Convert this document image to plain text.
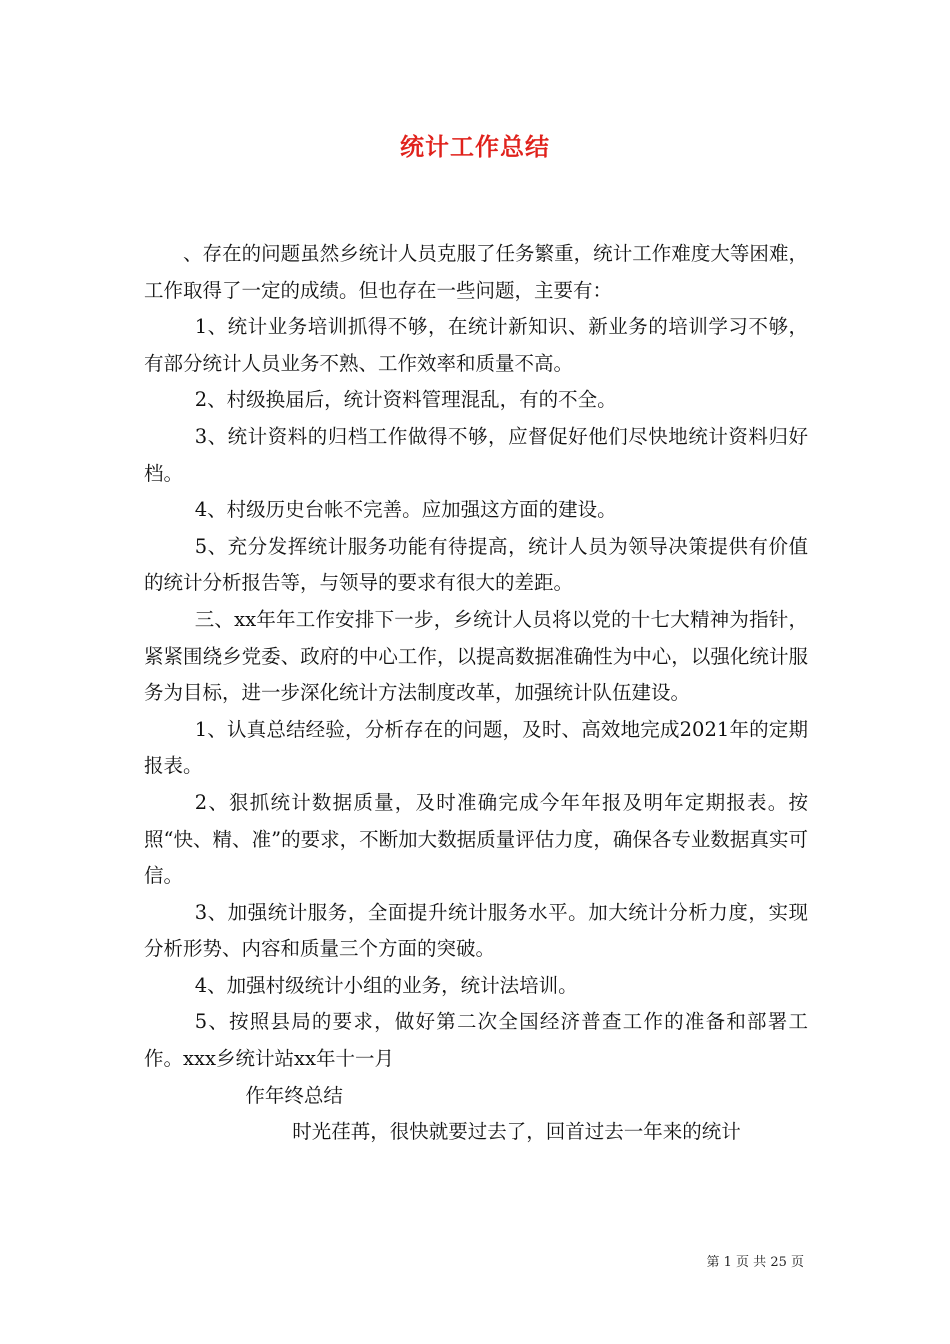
统计工作总结

、存在的问题虽然乡统计人员克服了任务繁重，统计工作难度大等困难，工作取得了一定的成绩。但也存在一些问题，主要有：

1、统计业务培训抓得不够，在统计新知识、新业务的培训学习不够，有部分统计人员业务不熟、工作效率和质量不高。

2、村级换届后，统计资料管理混乱，有的不全。

3、统计资料的归档工作做得不够，应督促好他们尽快地统计资料归好档。

4、村级历史台帐不完善。应加强这方面的建设。

5、充分发挥统计服务功能有待提高，统计人员为领导决策提供有价值的统计分析报告等，与领导的要求有很大的差距。

三、xx年年工作安排下一步，乡统计人员将以党的十七大精神为指针，紧紧围绕乡党委、政府的中心工作，以提高数据准确性为中心，以强化统计服务为目标，进一步深化统计方法制度改革，加强统计队伍建设。

1、认真总结经验，分析存在的问题，及时、高效地完成2021年的定期报表。

2、狠抓统计数据质量，及时准确完成今年年报及明年定期报表。按照“快、精、准”的要求，不断加大数据质量评估力度，确保各专业数据真实可信。

3、加强统计服务，全面提升统计服务水平。加大统计分析力度，实现分析形势、内容和质量三个方面的突破。

4、加强村级统计小组的业务，统计法培训。

5、按照县局的要求，做好第二次全国经济普查工作的准备和部署工作。xxx乡统计站xx年十一月

作年终总结

时光荏苒，很快就要过去了，回首过去一年来的统计

第 1 页 共 25 页
